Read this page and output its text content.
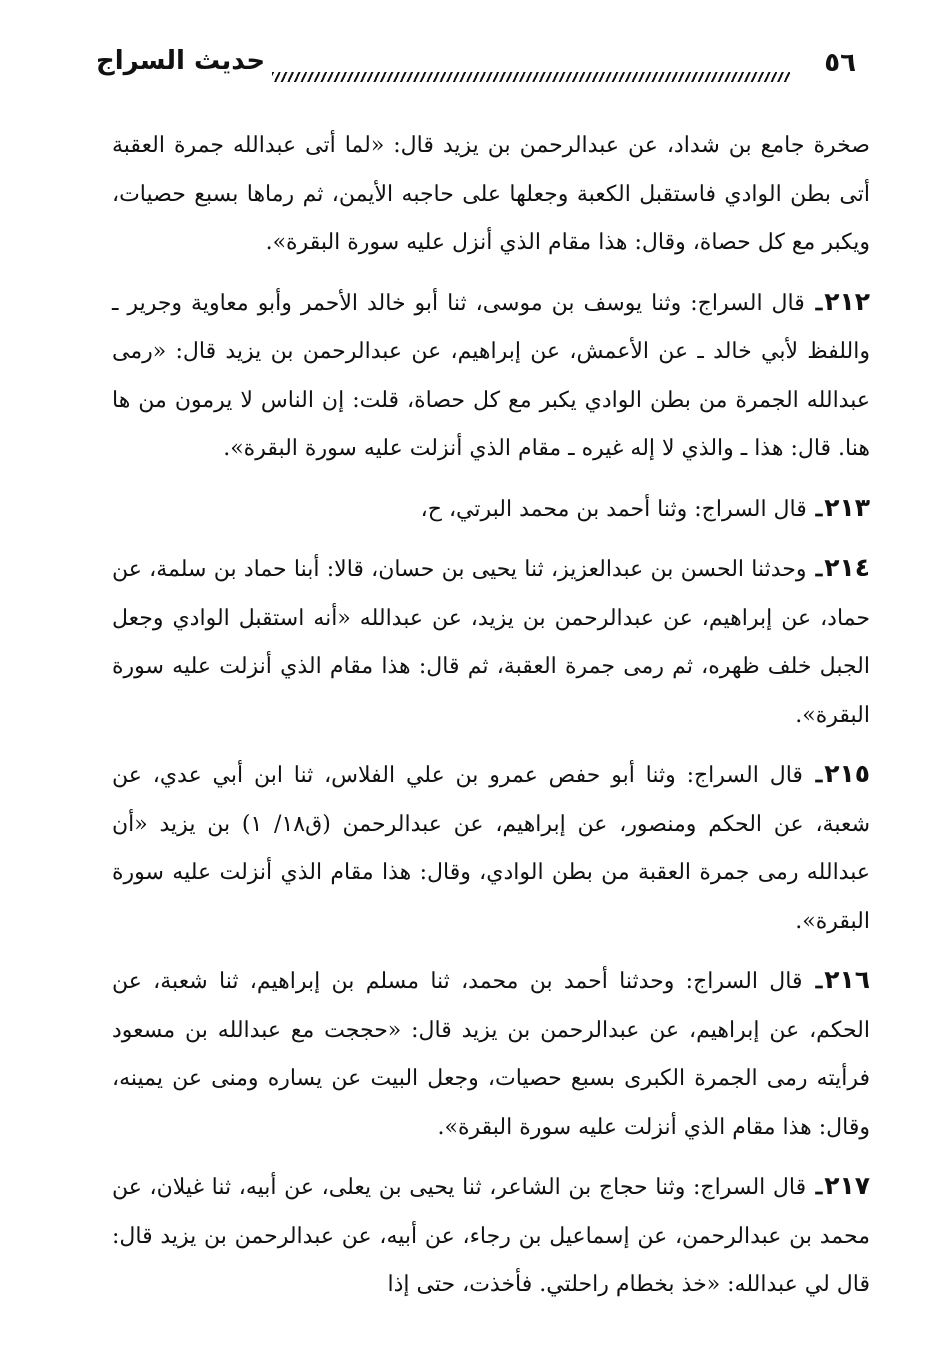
٥٦
حديث السراج

صخرة جامع بن شداد، عن عبدالرحمن بن يزيد قال: «لما أتى عبدالله جمرة العقبة أتى بطن الوادي فاستقبل الكعبة وجعلها على حاجبه الأيمن، ثم رماها بسبع حصيات، ويكبر مع كل حصاة، وقال: هذا مقام الذي أنزل عليه سورة البقرة».

٢١٢ـ قال السراج: وثنا يوسف بن موسى، ثنا أبو خالد الأحمر وأبو معاوية وجرير ـ واللفظ لأبي خالد ـ عن الأعمش، عن إبراهيم، عن عبدالرحمن بن يزيد قال: «رمى عبدالله الجمرة من بطن الوادي يكبر مع كل حصاة، قلت: إن الناس لا يرمون من ها هنا. قال: هذا ـ والذي لا إله غيره ـ مقام الذي أنزلت عليه سورة البقرة».

٢١٣ـ قال السراج: وثنا أحمد بن محمد البرتي، ح،

٢١٤ـ وحدثنا الحسن بن عبدالعزيز، ثنا يحيى بن حسان، قالا: أبنا حماد بن سلمة، عن حماد، عن إبراهيم، عن عبدالرحمن بن يزيد، عن عبدالله «أنه استقبل الوادي وجعل الجبل خلف ظهره، ثم رمى جمرة العقبة، ثم قال: هذا مقام الذي أنزلت عليه سورة البقرة».

٢١٥ـ قال السراج: وثنا أبو حفص عمرو بن علي الفلاس، ثنا ابن أبي عدي، عن شعبة، عن الحكم ومنصور، عن إبراهيم، عن عبدالرحمن (ق١٨/ ١) بن يزيد «أن عبدالله رمى جمرة العقبة من بطن الوادي، وقال: هذا مقام الذي أنزلت عليه سورة البقرة».

٢١٦ـ قال السراج: وحدثنا أحمد بن محمد، ثنا مسلم بن إبراهيم، ثنا شعبة، عن الحكم، عن إبراهيم، عن عبدالرحمن بن يزيد قال: «حججت مع عبدالله بن مسعود فرأيته رمى الجمرة الكبرى بسبع حصيات، وجعل البيت عن يساره ومنى عن يمينه، وقال: هذا مقام الذي أنزلت عليه سورة البقرة».

٢١٧ـ قال السراج: وثنا حجاج بن الشاعر، ثنا يحيى بن يعلى، عن أبيه، ثنا غيلان، عن محمد بن عبدالرحمن، عن إسماعيل بن رجاء، عن أبيه، عن عبدالرحمن بن يزيد قال: قال لي عبدالله: «خذ بخطام راحلتي. فأخذت، حتى إذا
